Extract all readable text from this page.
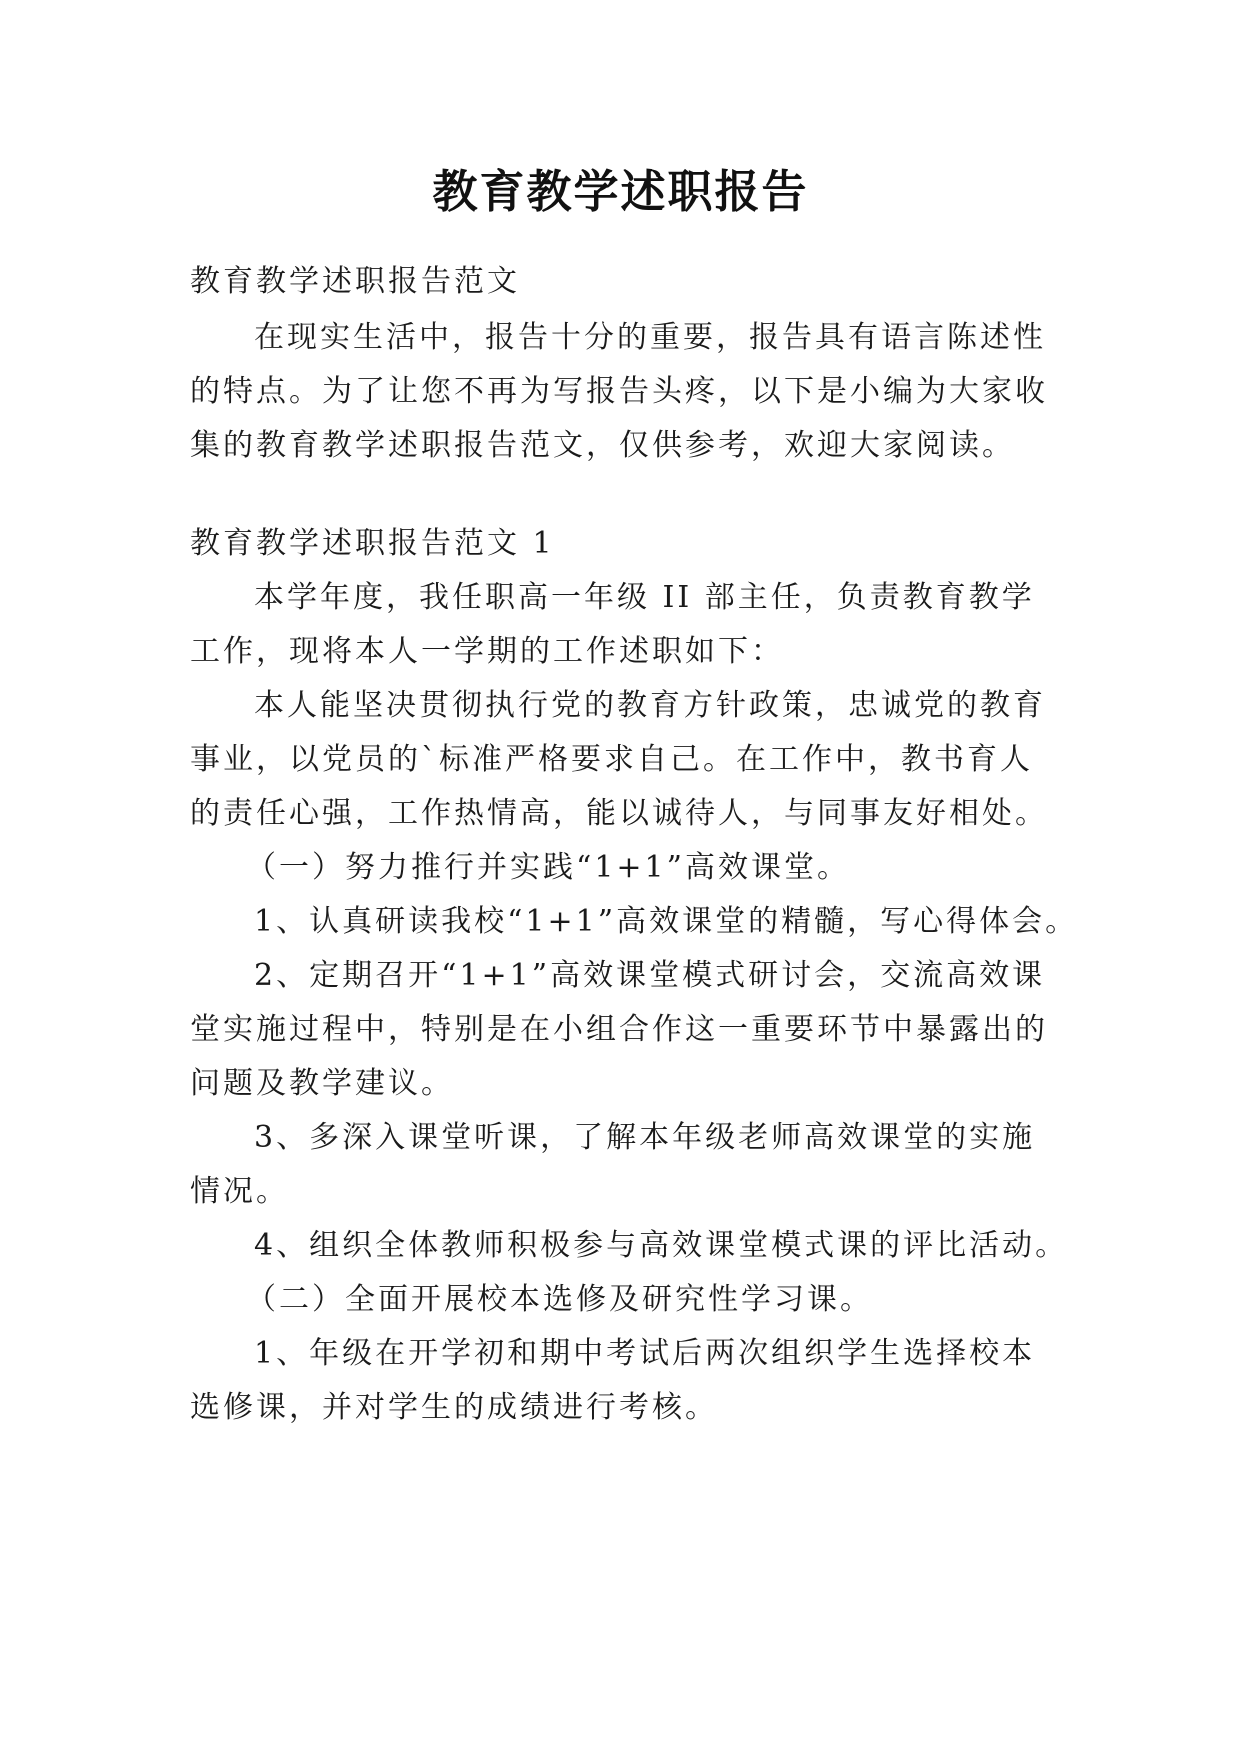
教育教学述职报告
教育教学述职报告范文
在现实生活中，报告十分的重要，报告具有语言陈述性
的特点。为了让您不再为写报告头疼，以下是小编为大家收
集的教育教学述职报告范文，仅供参考，欢迎大家阅读。
教育教学述职报告范文 1
本学年度，我任职高一年级 II 部主任，负责教育教学
工作，现将本人一学期的工作述职如下：
本人能坚决贯彻执行党的教育方针政策，忠诚党的教育
事业，以党员的`标准严格要求自己。在工作中，教书育人
的责任心强，工作热情高，能以诚待人，与同事友好相处。
（一）努力推行并实践“1+1”高效课堂。
1、认真研读我校“1+1”高效课堂的精髓，写心得体会。
2、定期召开“1+1”高效课堂模式研讨会，交流高效课
堂实施过程中，特别是在小组合作这一重要环节中暴露出的
问题及教学建议。
3、多深入课堂听课，了解本年级老师高效课堂的实施
情况。
4、组织全体教师积极参与高效课堂模式课的评比活动。
（二）全面开展校本选修及研究性学习课。
1、年级在开学初和期中考试后两次组织学生选择校本
选修课，并对学生的成绩进行考核。
